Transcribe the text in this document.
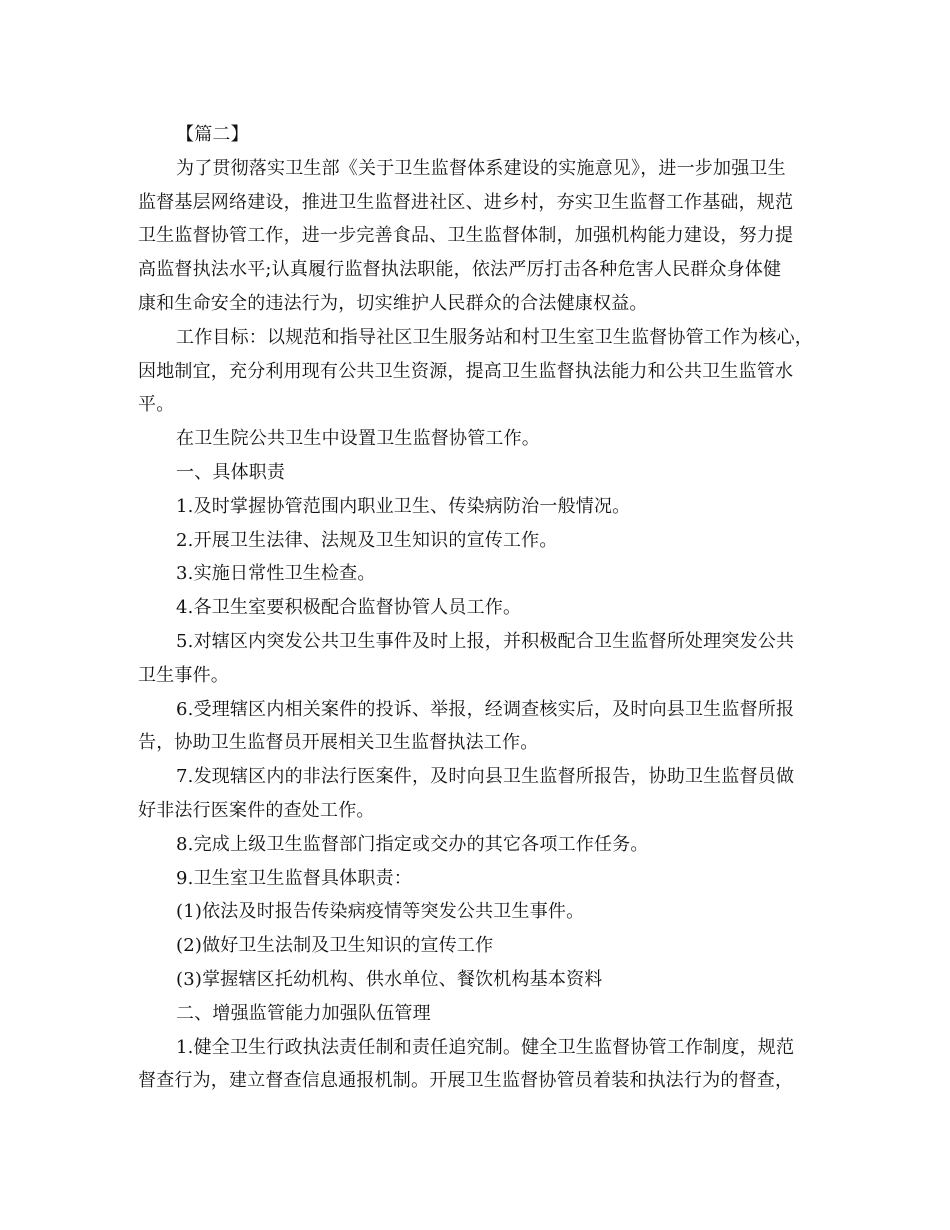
【篇二】
为了贯彻落实卫生部《关于卫生监督体系建设的实施意见》，进一步加强卫生
监督基层网络建设，推进卫生监督进社区、进乡村，夯实卫生监督工作基础，规范
卫生监督协管工作，进一步完善食品、卫生监督体制，加强机构能力建设，努力提
高监督执法水平;认真履行监督执法职能，依法严厉打击各种危害人民群众身体健
康和生命安全的违法行为，切实维护人民群众的合法健康权益。
工作目标：以规范和指导社区卫生服务站和村卫生室卫生监督协管工作为核心，
因地制宜，充分利用现有公共卫生资源，提高卫生监督执法能力和公共卫生监管水
平。
在卫生院公共卫生中设置卫生监督协管工作。
一、具体职责
1.及时掌握协管范围内职业卫生、传染病防治一般情况。
2.开展卫生法律、法规及卫生知识的宣传工作。
3.实施日常性卫生检查。
4.各卫生室要积极配合监督协管人员工作。
5.对辖区内突发公共卫生事件及时上报，并积极配合卫生监督所处理突发公共
卫生事件。
6.受理辖区内相关案件的投诉、举报，经调查核实后，及时向县卫生监督所报
告，协助卫生监督员开展相关卫生监督执法工作。
7.发现辖区内的非法行医案件，及时向县卫生监督所报告，协助卫生监督员做
好非法行医案件的查处工作。
8.完成上级卫生监督部门指定或交办的其它各项工作任务。
9.卫生室卫生监督具体职责：
(1)依法及时报告传染病疫情等突发公共卫生事件。
(2)做好卫生法制及卫生知识的宣传工作
(3)掌握辖区托幼机构、供水单位、餐饮机构基本资料
二、增强监管能力加强队伍管理
1.健全卫生行政执法责任制和责任追究制。健全卫生监督协管工作制度，规范
督查行为，建立督查信息通报机制。开展卫生监督协管员着装和执法行为的督查，
